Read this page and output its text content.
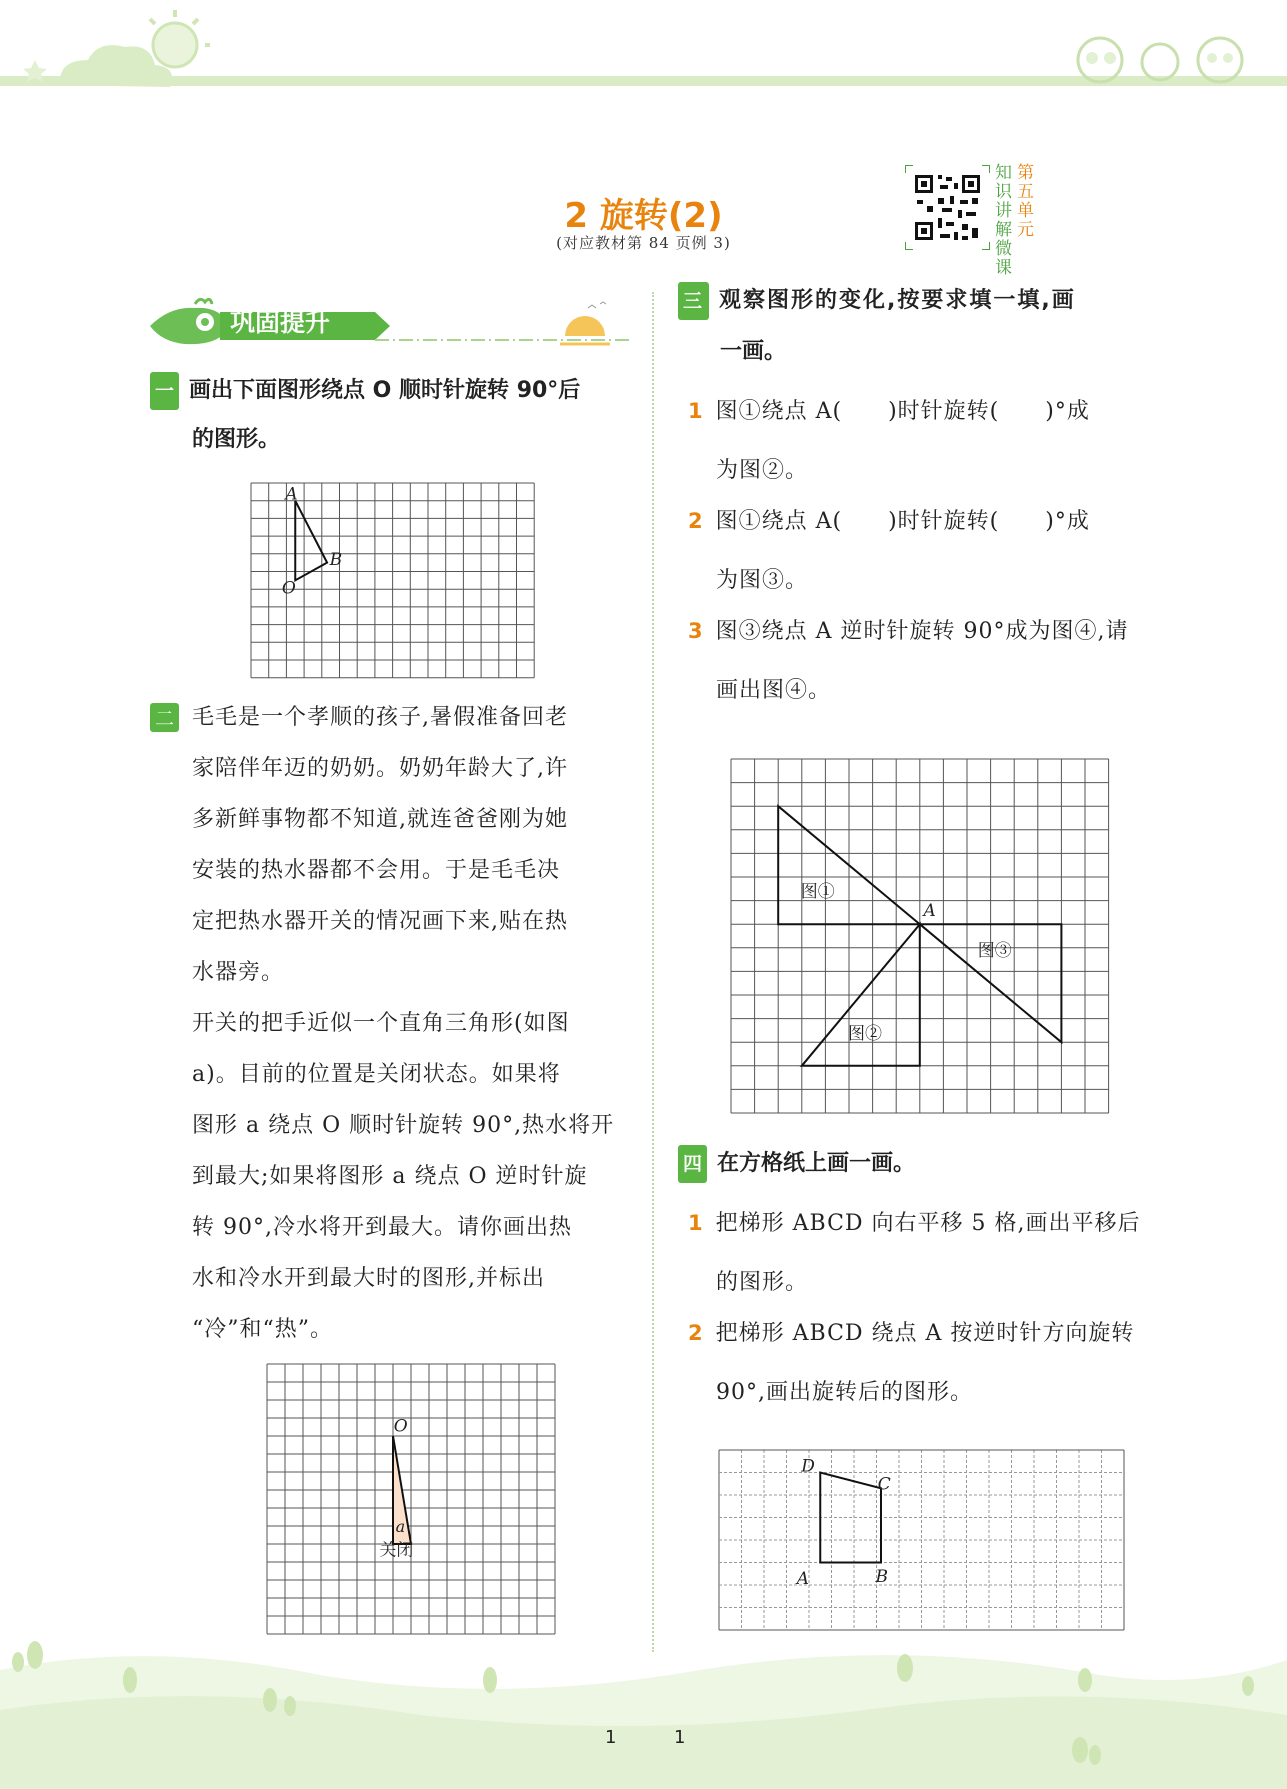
2 旋转(2)
(对应教材第 84 页例 3)
知
识
讲
解
微
课
第
五
单
元
巩固提升
一 画出下面图形绕点 O 顺时针旋转 90°后
的图形。
A
B
O
二 毛毛是一个孝顺的孩子,暑假准备回老
家陪伴年迈的奶奶。奶奶年龄大了,许
多新鲜事物都不知道,就连爸爸刚为她
安装的热水器都不会用。于是毛毛决
定把热水器开关的情况画下来,贴在热
水器旁。
开关的把手近似一个直角三角形(如图
a)。目前的位置是关闭状态。如果将
图形 a 绕点 O 顺时针旋转 90°,热水将开
到最大;如果将图形 a 绕点 O 逆时针旋
转 90°,冷水将开到最大。请你画出热
水和冷水开到最大时的图形,并标出
“冷”和“热”。
O
a
关闭
三 观察图形的变化,按要求填一填,画
一画。
1 图①绕点 A(　　)时针旋转(　　)°成
为图②。
2 图①绕点 A(　　)时针旋转(　　)°成
为图③。
3 图③绕点 A 逆时针旋转 90°成为图④,请
画出图④。
图①
图②
图③
A
四 在方格纸上画一画。
1 把梯形 ABCD 向右平移 5 格,画出平移后
的图形。
2 把梯形 ABCD 绕点 A 按逆时针方向旋转
90°,画出旋转后的图形。
A	B
C
D
1	1
